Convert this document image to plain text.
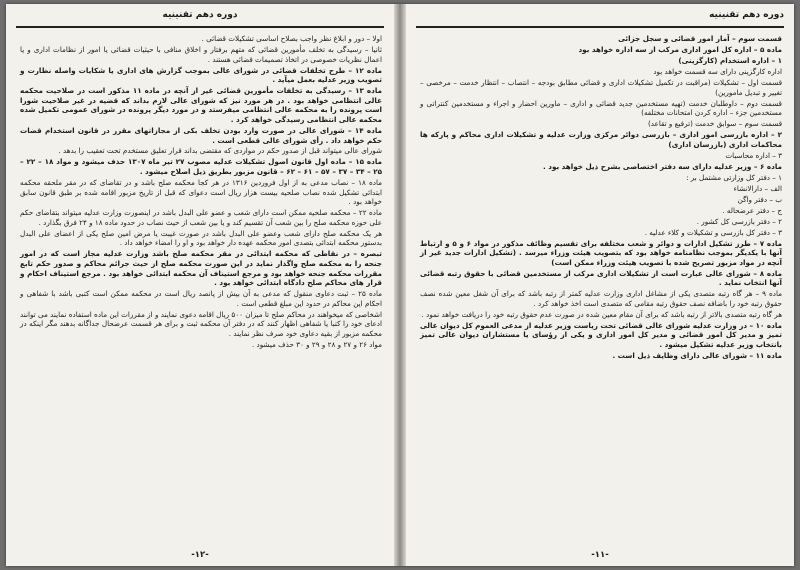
دوره دهم تقنینیه

اولا – دور و ابلاغ نظر واجب بصلاح اساسی تشکیلات قضائی .

ثانیا – رسیدگی به تخلف مأمورین قضائی که متهم برفتار و اخلاق منافی با حیثیات قضائی یا امور از نظامات اداری و یا اعمال نظریات خصوصی در اتخاذ تصمیمات قضائی هستند .

ماده ۱۲ – طرح تخلفات قضائی در شورای عالی بموجب گزارش های اداری یا شکایات واصله نظارت و تصویب وزیر عدلیه بعمل میآید .

ماده ۱۳ – رسیدگی به تخلفات مأمورین قضائی غیر از آنچه در ماده ۱۱ مذکور است در صلاحیت محکمه عالی انتظامی خواهد بود . در هر مورد نیز که شورای عالی لازم بداند که قضیه در غیر صلاحیت شورا است پرونده را به محکمه عالی انتظامی میفرستد و در مورد دیگر پرونده در شورای عمومی تکمیل شده محکمه عالی انتظامی رسیدگی خواهد کرد .

ماده ۱۴ – شورای عالی در صورت وارد بودن تخلف بکی از مجازاتهای مقرر در قانون استخدام قضات حکم خواهد داد . رأی شورای عالی قطعی است .

شورای عالی میتواند قبل از صدور حکم در مواردی که مقتضی بداند قرار تعلیق مستخدم تحت تعقیب را بدهد .

ماده ۱۵ – ماده اول قانون اصول تشکیلات عدلیه مصوب ۲۷ تیر ماه ۱۳۰۷ حذف میشود و مواد ۱۸ – ۲۲ – ۲۵ – ۳۴ – ۳۷ – ۵۷ – ۶۱ – ۶۲ – قانون مزبور بطریق ذیل اصلاح میشود .

ماده ۱۸ – نصاب مدعی به از اول فروردین ۱۳۱۶ در هر کجا محکمه صلح باشد و در تقاضای که در مقر ملحقه محکمه ابتدائی تشکیل شده نصاب صلحیه بیست هزار ریال است دعوای که قبل از تاریخ مزبور اقامه شده بر طبق قانون سابق خواهد بود .

ماده ۲۲ – محکمه صلحیه ممکن است دارای شعب و عضو علی البدل باشد در اینصورت وزارت عدلیه میتواند بتقاضای حکم علی حوزه محکمه صلح را بین شعب آن تقسیم کند و یا بین شعب از حیث نصاب در حدود ماده ۱۸ و ۲۴ فرق بگذارد .

هر یک محکمه صلح دارای شعب وعضو علی البدل باشد در صورت غیبت یا مرض امین صلح یکی از اعضای علی البدل بدستور محکمه ابتدائی بتصدی امور محکمه عهده دار خواهد بود و او را امضاء خواهد داد .

تبصره – در نقاطی که محکمه ابتدائی در مقر محکمه صلح باشد وزارت عدلیه مجاز است که در امور جنحه را به محکمه صلح واگذار نماید در این صورت محکمه صلح از حیث جرائم محاکم و صدور حکم تابع مقررات محکمه جنحه خواهد بود و مرجع استیناف آن محکمه ابتدائی خواهد بود . مرجع استیناف احکام و قرار های محاکم صلح دادگاه ابتدائی خواهد بود .

ماده ۲۵ – ثبت دعاوی منقول که مدعی به آن بیش از پانصد ریال است در محکمه ممکن است کتبی باشد با شفاهی و احکام این محاکم در حدود این مبلغ قطعی است .

اشخاصی که میخواهند در محاکم صلح تا میزان ۵۰۰ ریال اقامه دعوی نمایند و از مقررات این ماده استفاده نمایند می توانند ادعای خود را کتبا یا شفاهی اظهار کنند که در دفتر آن محکمه ثبت و برای هر قسمت عرضحال جداگانه بدهند مگر اینکه در محکمه مزبور از بقیه دعاوی خود صرف نظر نمایند .

مواد ۲۶ و ۲۷ و ۲۸ و ۲۹ و ۳۰ حذف میشود .

-۱۲-
دوره دهم تقنینیه

قسمت سوم – آمار امور قضائی و سجل جزائی

ماده ۵ – اداره کل امور اداری مرکب از سه اداره خواهد بود

۱ – اداره استخدام (کارگزینی)

اداره کارگزینی دارای سه قسمت خواهد بود

قسمت اول – تشکیلات (مراقبت در تکمیل تشکیلات اداری و قضائی مطابق بودجه – انتصاب – انتظار خدمت – مرخصی – تغییر و تبدیل مامورین)

قسمت دوم – داوطلبان خدمت (تهیه مستخدمین جدید قضائی و اداری – ماورین احضار و اجراء و مستخدمین کنتراتی و مستخدمین جزء – اداره کردن امتحانات مختلفه)

قسمت سوم – سوابق خدمت (ترفیع و تقاعد)

۲ – اداره بازرسی امور اداری – بازرسی دوائر مرکزی وزارت عدلیه و تشکیلات اداری محاکم و پارکه ها محاکمات اداری (بازرسان اداری)

۳ – اداره محاسبات

ماده ۶ – وزیر عدلیه دارای سه دفتر اختصاصی بشرح ذیل خواهد بود .

۱ – دفتر کل وزارتی مشتمل بر :

الف – دارالانشاء

ب – دفتر واگن

ج – دفتر عرضحاله .

۲ – دفتر بازرسی کل کشور .

۳ – دفتر کل بازرسی و تشکیلات و کلاء عدلیه .

ماده ۷ – طرز تشکیل ادارات و دوائر و شعب مختلفه برای تقسیم وظائف مذکور در مواد ۶ و ۵ و ارتباط آنها با یکدیگر بموجب نظامنامه خواهد بود که بتصویب هیئت وزراء میرسد . (تشکیل ادارات جدید غیر از آنچه در مواد مزبور تصریح شده با تصویب هیئت وزراء ممکن است)

ماده ۸ – شورای عالی عبارت است از تشکیلات اداری مرکب از مستخدمین قضائی با حقوق رتبه قضائی آنها انتخاب نماید .

ماده ۹ – هر گاه رتبه متصدی یکی از مشاغل اداری وزارت عدلیه کمتر از رتبه باشد که برای آن شغل معین شده نصف حقوق رتبه خود را باضافه نصف حقوق رتبه مقامی که متصدی است اخذ خواهد کرد .

هر گاه رتبه متصدی بالاتر از رتبه باشد که برای آن مقام معین شده در صورت عدم حقوق رتبه خود را دریافت خواهد نمود .

ماده ۱۰ – در وزارت عدلیه شورای عالی قضائی تحت ریاست وزیر عدلیه از مدعی العموم کل دیوان عالی تمیز و مدیر کل امور قضائی و مدیر کل امور اداری و یکی از رؤسای یا مستشاران دیوان عالی تمیز بانتخاب وزیر عدلیه تشکیل میشود .

ماده ۱۱ – شورای عالی دارای وظایف ذیل است .

-۱۱-
